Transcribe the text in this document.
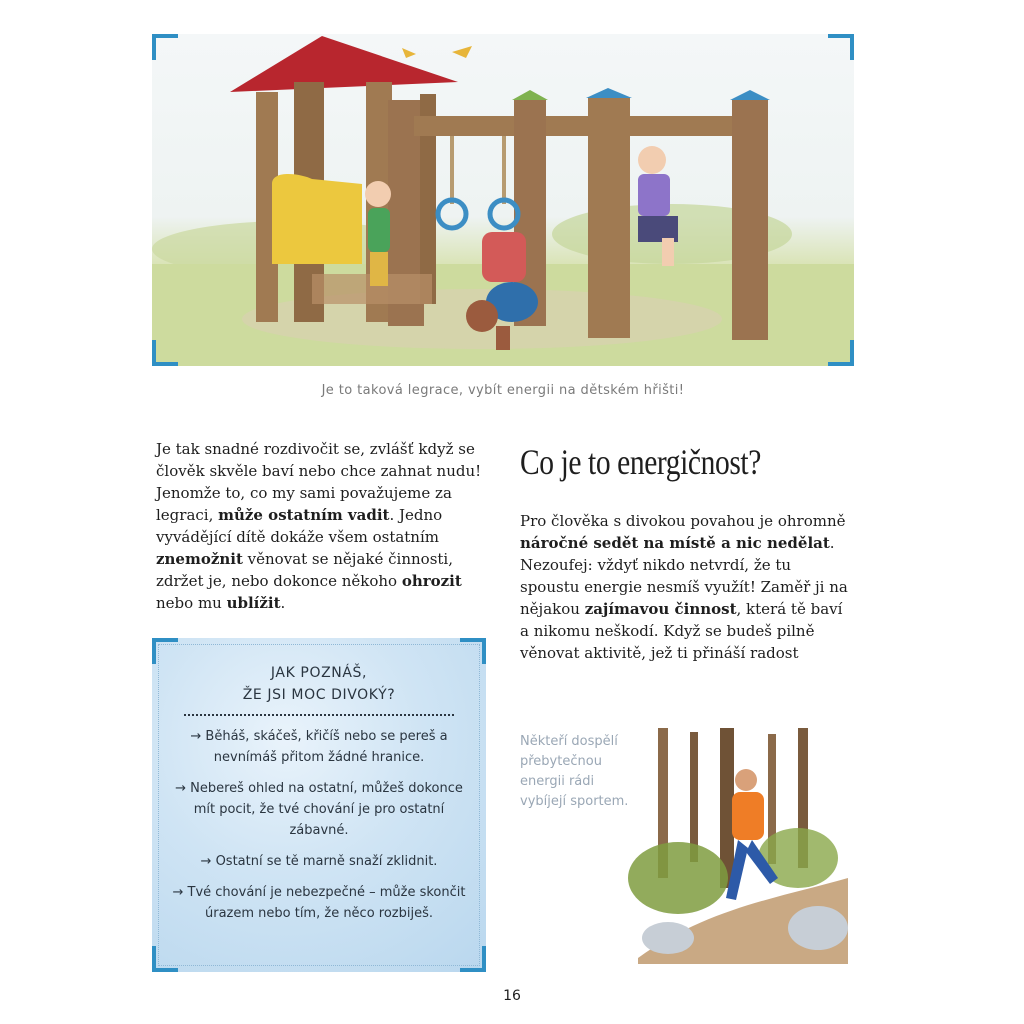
Je to taková legrace, vybít energii na dětském hřišti!
Je tak snadné rozdivočit se, zvlášť když se člověk skvěle baví nebo chce zahnat nudu! Jenomže to, co my sami považujeme za legraci, může ostatním vadit. Jedno vyvádějící dítě dokáže všem ostatním znemožnit věnovat se nějaké činnosti, zdržet je, nebo dokonce někoho ohrozit nebo mu ublížit.
Co je to energičnost?
Pro člověka s divokou povahou je ohromně náročné sedět na místě a nic nedělat. Nezoufej: vždyť nikdo netvrdí, že tu spoustu energie nesmíš využít! Zaměř ji na nějakou zajímavou činnost, která tě baví a nikomu neškodí. Když se budeš pilně věnovat aktivitě, jež ti přináší radost
JAK POZNÁŠ,
ŽE JSI MOC DIVOKÝ?
→ Běháš, skáčeš, křičíš nebo se pereš a nevnímáš přitom žádné hranice.
→ Nebereš ohled na ostatní, můžeš dokonce mít pocit, že tvé chování je pro ostatní zábavné.
→ Ostatní se tě marně snaží zklidnit.
→ Tvé chování je nebezpečné – může skončit úrazem nebo tím, že něco rozbiješ.
Někteří dospělí přebytečnou energii rádi vybíjejí sportem.
16
